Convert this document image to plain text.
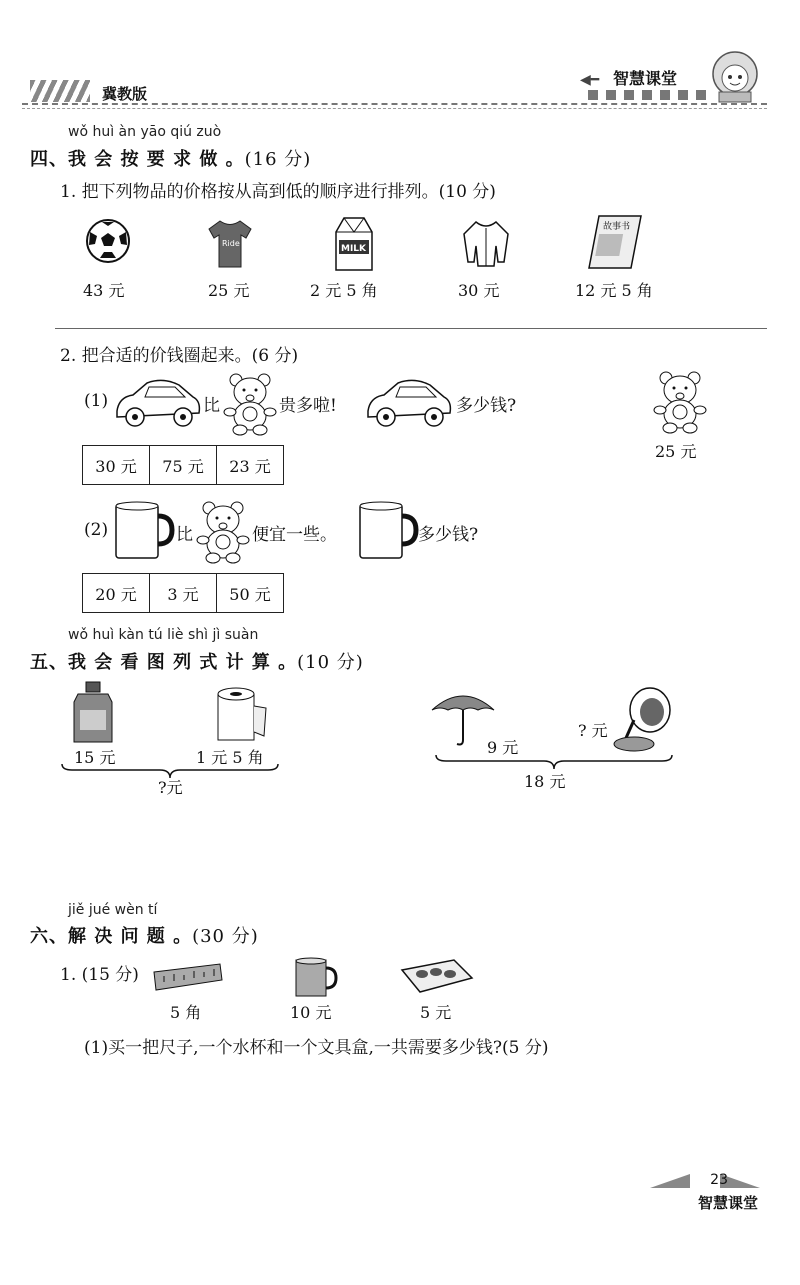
冀教版
◀━ 智慧课堂
wǒ huì àn yāo qiú zuò
四、我 会 按 要 求 做 。(16 分)
1. 把下列物品的价格按从高到低的顺序进行排列。(10 分)
43 元
Ride
25 元
MILK
2 元 5 角	30 元
故事书
12 元 5 角
2. 把合适的价钱圈起来。(6 分)
(1)	比	贵多啦!	多少钱?
25 元
30 元	75 元	23 元
(2)	比	便宜一些。	多少钱?
20 元	3 元	50 元
wǒ huì kàn tú liè shì jì suàn
五、我 会 看 图 列 式 计 算 。(10 分)
15 元	1 元 5 角
?元
9 元
? 元
18 元
jiě jué wèn tí
六、解 决 问 题 。(30 分)
1. (15 分)
5 角	10 元	5 元
(1)买一把尺子,一个水杯和一个文具盒,一共需要多少钱?(5 分)
23
智慧课堂
